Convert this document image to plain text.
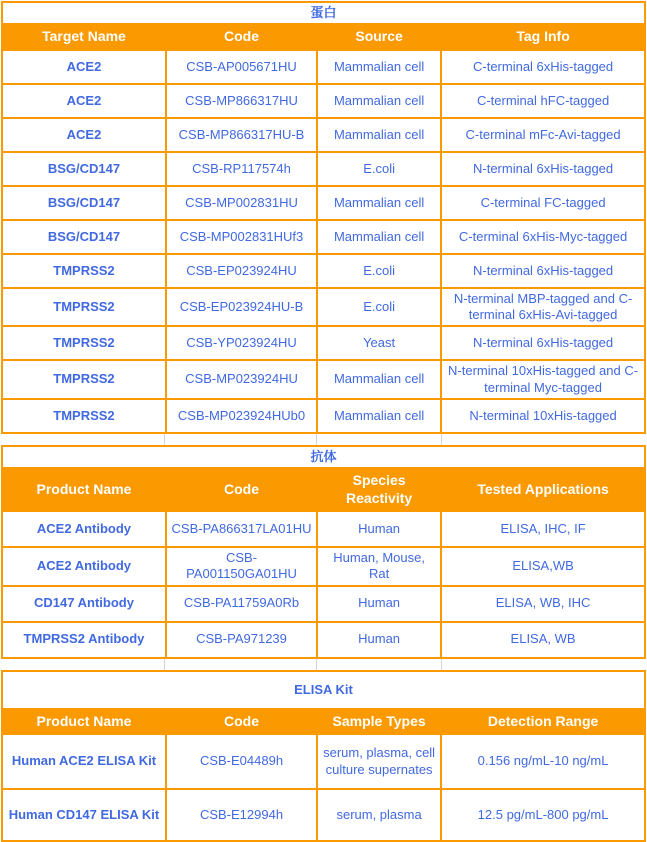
蛋白			
Target Name	Code	Source	Tag Info
ACE2	CSB-AP005671HU	Mammalian cell	C-terminal 6xHis-tagged
ACE2	CSB-MP866317HU	Mammalian cell	C-terminal hFC-tagged
ACE2	CSB-MP866317HU-B	Mammalian cell	C-terminal mFc-Avi-tagged
BSG/CD147	CSB-RP117574h	E.coli	N-terminal 6xHis-tagged
BSG/CD147	CSB-MP002831HU	Mammalian cell	C-terminal FC-tagged
BSG/CD147	CSB-MP002831HUf3	Mammalian cell	C-terminal 6xHis-Myc-tagged
TMPRSS2	CSB-EP023924HU	E.coli	N-terminal 6xHis-tagged
TMPRSS2	CSB-EP023924HU-B	E.coli	N-terminal MBP-tagged and C-terminal 6xHis-Avi-tagged
TMPRSS2	CSB-YP023924HU	Yeast	N-terminal 6xHis-tagged
TMPRSS2	CSB-MP023924HU	Mammalian cell	N-terminal 10xHis-tagged and C-terminal Myc-tagged
TMPRSS2	CSB-MP023924HUb0	Mammalian cell	N-terminal 10xHis-tagged
抗体			
Product Name	Code	Species Reactivity	Tested Applications
ACE2 Antibody	CSB-PA866317LA01HU	Human	ELISA, IHC, IF
ACE2 Antibody	CSB-PA001150GA01HU	Human, Mouse, Rat	ELISA,WB
CD147 Antibody	CSB-PA11759A0Rb	Human	ELISA, WB, IHC
TMPRSS2 Antibody	CSB-PA971239	Human	ELISA, WB
ELISA Kit			
Product Name	Code	Sample Types	Detection Range
Human ACE2 ELISA Kit	CSB-E04489h	serum, plasma, cell culture supernates	0.156 ng/mL-10 ng/mL
Human CD147 ELISA Kit	CSB-E12994h	serum, plasma	12.5 pg/mL-800 pg/mL
